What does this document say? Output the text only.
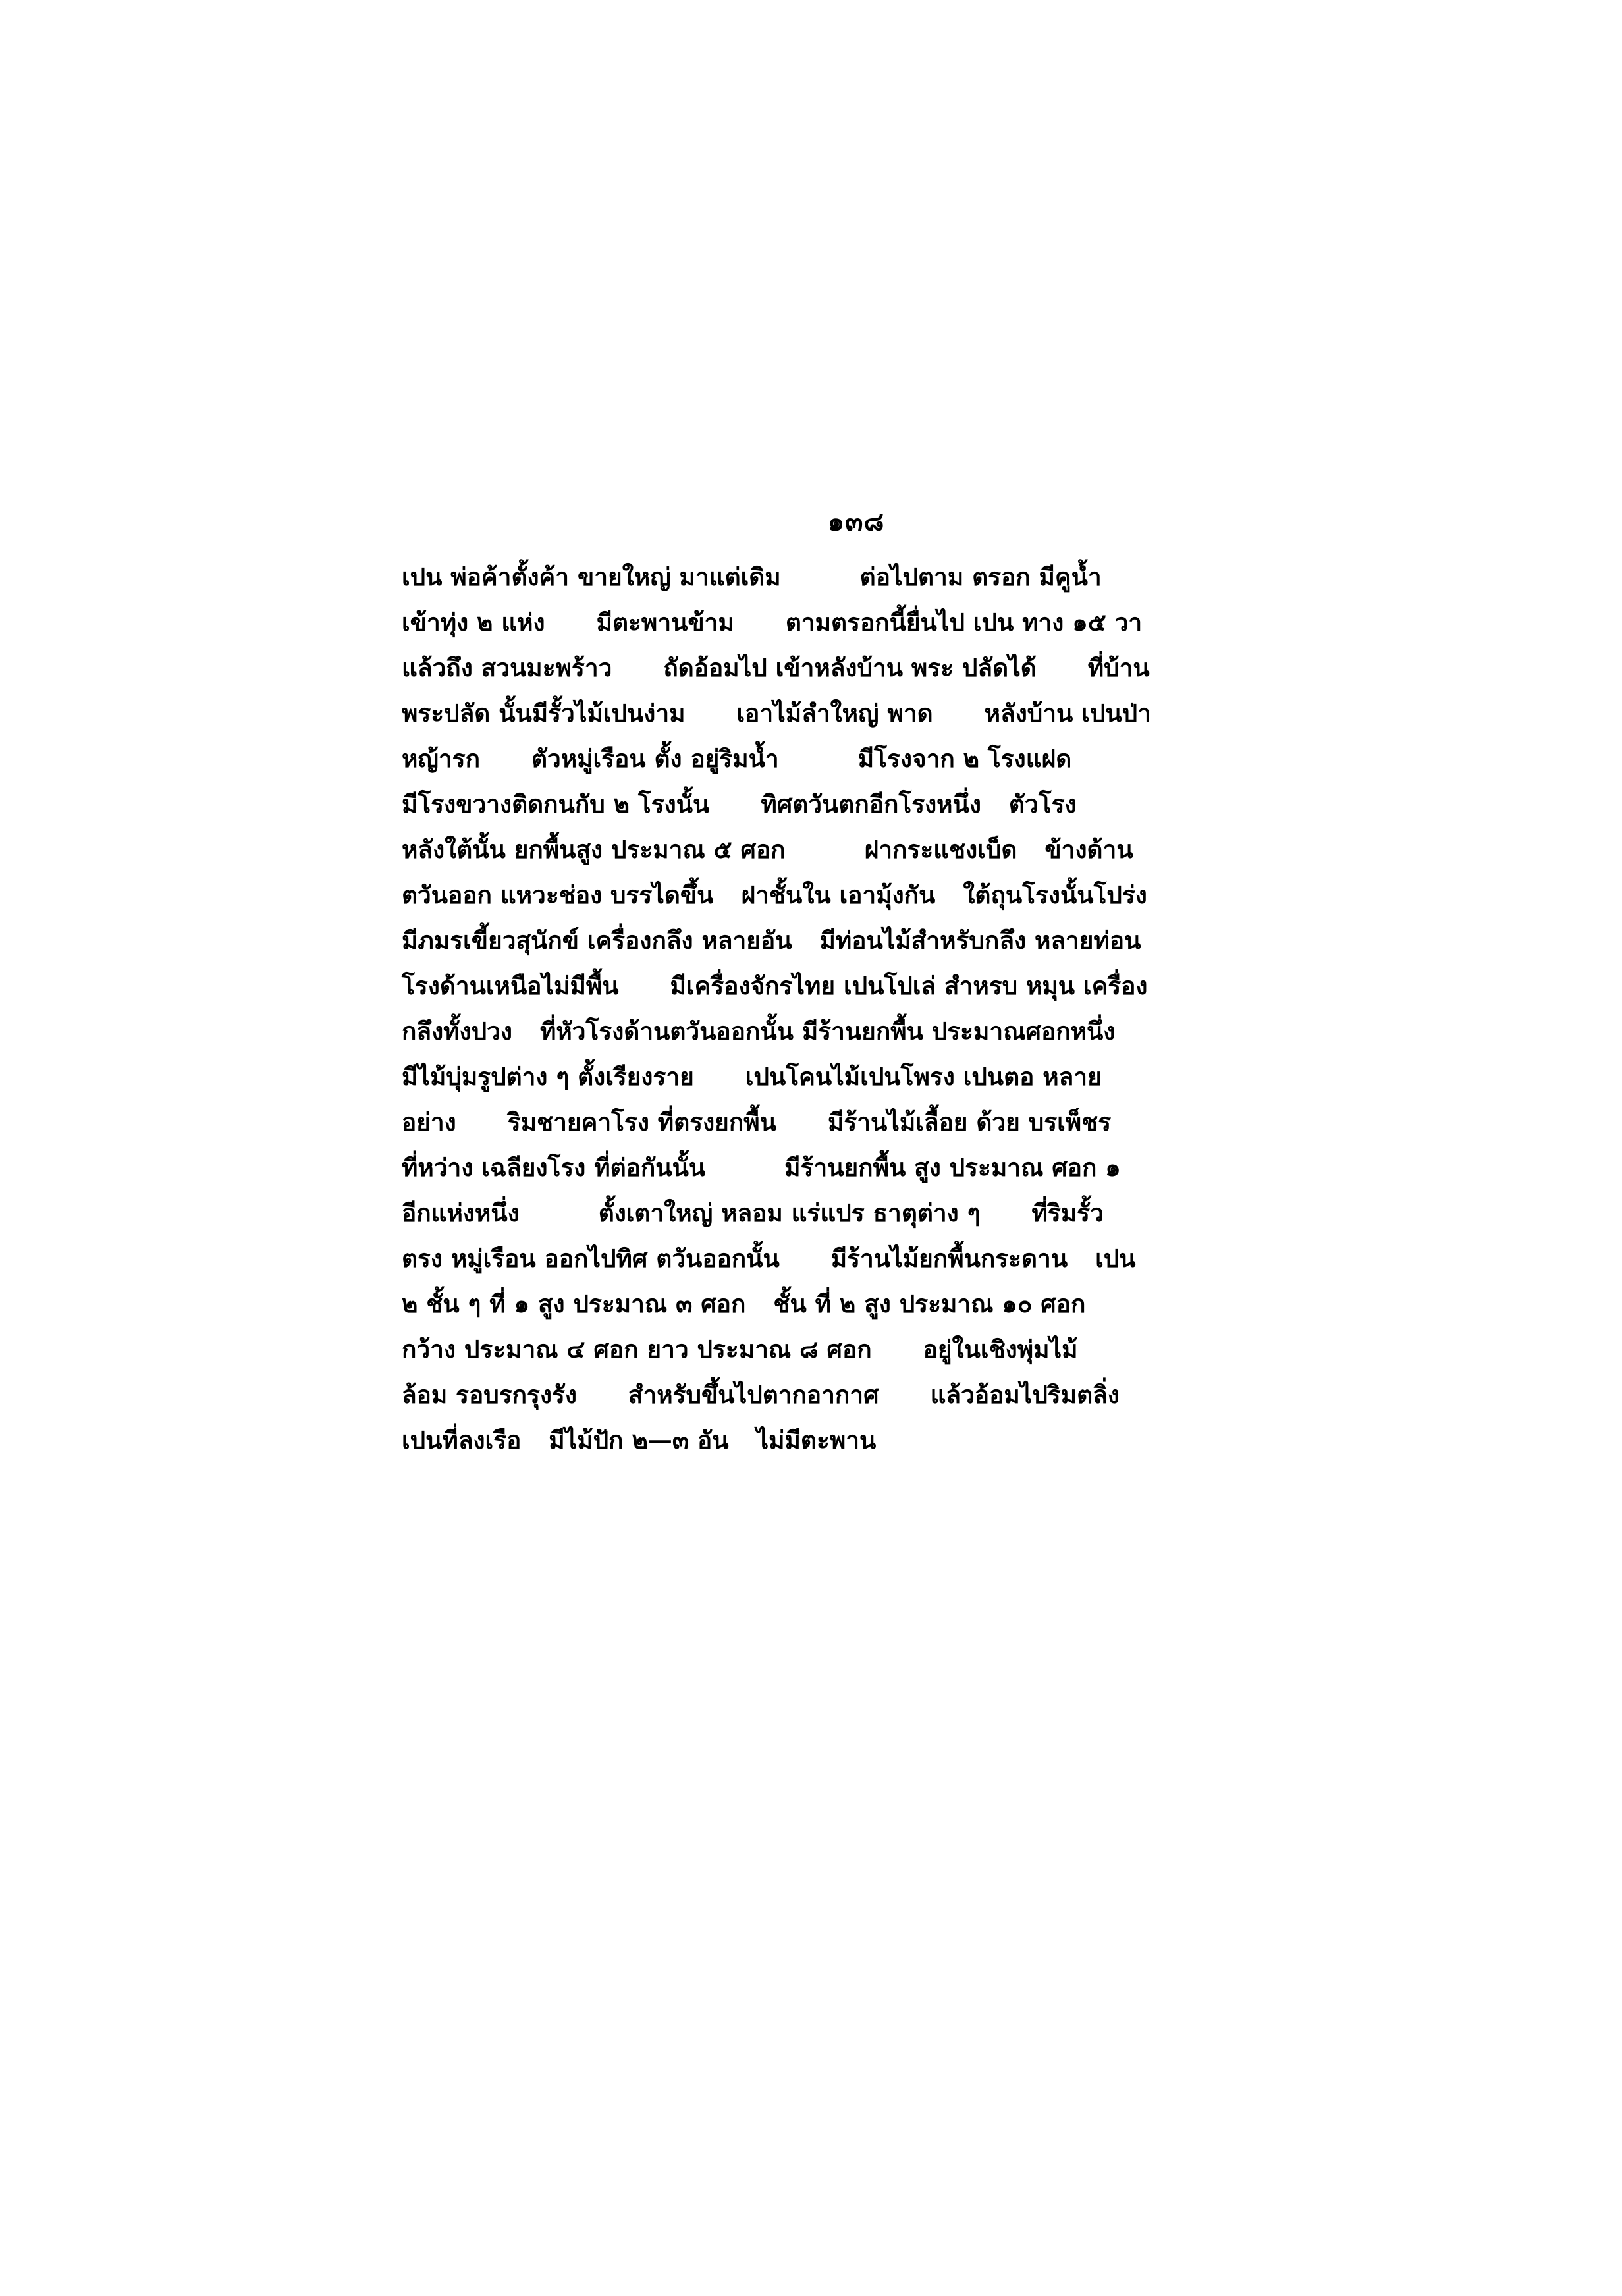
๑๓๘
เปน พ่อค้าตั้งค้า ขายใหญ่ มาแต่เดิม	ต่อไปตาม ตรอก มีคูน้ำ
เข้าทุ่ง ๒ แห่ง มีตะพานข้าม ตามตรอกนี้ยื่นไป เปน ทาง ๑๕ วา
แล้วถึง สวนมะพร้าว ถัดอ้อมไป เข้าหลังบ้าน พระ ปลัดได้ ที่บ้าน
พระปลัด นั้นมีรั้วไม้เปนง่าม เอาไม้ลำใหญ่ พาด หลังบ้าน เปนป่า
หญ้ารก ตัวหมู่เรือน ตั้ง อยู่ริมน้ำ	มีโรงจาก ๒ โรงแฝด
มีโรงขวางติดกนกับ ๒ โรงนั้น ทิศตวันตกอีกโรงหนึ่ง ตัวโรง
หลังใต้นั้น ยกพื้นสูง ประมาณ ๕ ศอก	ฝากระแชงเบ็ด ข้างด้าน
ตวันออก แหวะช่อง บรรไดขึ้น ฝาชั้นใน เอามุ้งกัน ใต้ถุนโรงนั้นโปร่ง
มีภมรเขี้ยวสุนักข์ เครื่องกลึง หลายอัน มีท่อนไม้สำหรับกลึง หลายท่อน
โรงด้านเหนือไม่มีพื้น มีเครื่องจักรไทย เปนโปเล่ สำหรบ หมุน เครื่อง
กลึงทั้งปวง ที่หัวโรงด้านตวันออกนั้น มีร้านยกพื้น ประมาณศอกหนึ่ง
มีไม้บุ่มรูปต่าง ๆ ตั้งเรียงราย เปนโคนไม้เปนโพรง เปนตอ หลาย
อย่าง ริมชายคาโรง ที่ตรงยกพื้น มีร้านไม้เลื้อย ด้วย บรเพ็ชร
ที่หว่าง เฉลียงโรง ที่ต่อกันนั้น	มีร้านยกพื้น สูง ประมาณ ศอก ๑
อีกแห่งหนึ่ง	ตั้งเตาใหญ่ หลอม แร่แปร ธาตุต่าง ๆ ที่ริมรั้ว
ตรง หมู่เรือน ออกไปทิศ ตวันออกนั้น มีร้านไม้ยกพื้นกระดาน เปน
๒ ชั้น ๆ ที่ ๑ สูง ประมาณ ๓ ศอก ชั้น ที่ ๒ สูง ประมาณ ๑๐ ศอก
กว้าง ประมาณ ๔ ศอก ยาว ประมาณ ๘ ศอก อยู่ในเชิงพุ่มไม้
ล้อม รอบรกรุงรัง สำหรับขึ้นไปตากอากาศ แล้วอ้อมไปริมตลิ่ง
เปนที่ลงเรือ มีไม้ปัก ๒—๓ อัน ไม่มีตะพาน
